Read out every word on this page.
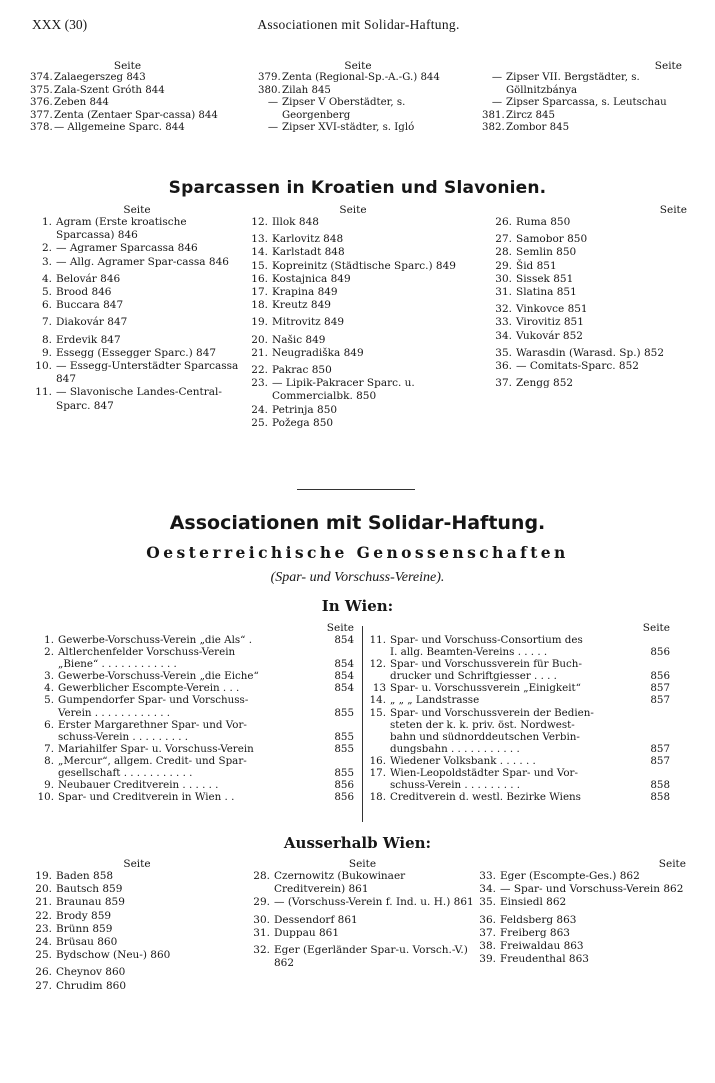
XXX (30)	Associationen mit Solidar-Haftung.
Seite
374. Zalaegerszeg 843
375. Zala-Szent Gróth 844
376. Zeben 844
377. Zenta (Zentaer Spar-cassa) 844
378. — Allgemeine Sparc. 844
Seite
379. Zenta (Regional-Sp.-A.-G.) 844
380. Zilah 845
— Zipser V Oberstädter, s. Georgenberg
— Zipser XVI-städter, s. Igló
Seite
— Zipser VII. Bergstädter, s. Göllnitzbánya
— Zipser Sparcassa, s. Leutschau
381. Zircz 845
382. Zombor 845
Sparcassen in Kroatien und Slavonien.
Seite
1. Agram (Erste kroatische Sparcassa) 846
2. — Agramer Sparcassa 846
3. — Allg. Agramer Spar-cassa 846
4. Belovár 846
5. Brood 846
6. Buccara 847
7. Diakovár 847
8. Erdevik 847
9. Essegg (Essegger Sparc.) 847
10. — Essegg-Unterstädter Sparcassa 847
11. — Slavonische Landes-Central-Sparc. 847
Seite
12. Illok 848
13. Karlovitz 848
14. Karlstadt 848
15. Kopreinitz (Städtische Sparc.) 849
16. Kostajnica 849
17. Krapina 849
18. Kreutz 849
19. Mitrovitz 849
20. Našic 849
21. Neugradiška 849
22. Pakrac 850
23. — Lipik-Pakracer Sparc. u. Commercialbk. 850
24. Petrinja 850
25. Požega 850
Seite
26. Ruma 850
27. Samobor 850
28. Semlin 850
29. Šid 851
30. Sissek 851
31. Slatina 851
32. Vinkovce 851
33. Virovitiz 851
34. Vukovár 852
35. Warasdin (Warasd. Sp.) 852
36. — Comitats-Sparc. 852
37. Zengg 852
Associationen mit Solidar-Haftung.
Oesterreichische Genossenschaften
(Spar- und Vorschuss-Vereine).
In Wien:
Seite
1. Gewerbe-Vorschuss-Verein „die Als“ .	854
2. Altlerchenfelder Vorschuss-Verein
„Biene“ . . . . . . . . . . . .	854
3. Gewerbe-Vorschuss-Verein „die Eiche“	854
4. Gewerblicher Escompte-Verein . . .	854
5. Gumpendorfer Spar- und Vorschuss-
Verein . . . . . . . . . . . .	855
6. Erster Margarethner Spar- und Vor-
schuss-Verein . . . . . . . . .	855
7. Mariahilfer Spar- u. Vorschuss-Verein	855
8. „Mercur“, allgem. Credit- und Spar-
gesellschaft . . . . . . . . . . .	855
9. Neubauer Creditverein . . . . . .	856
10. Spar- und Creditverein in Wien . .	856
Seite
11. Spar- und Vorschuss-Consortium des
I. allg. Beamten-Vereins . . . . .	856
12. Spar- und Vorschussverein für Buch-
drucker und Schriftgiesser . . . .	856
13 Spar- u. Vorschussverein „Einigkeit“	857
14. „ „ „ Landstrasse	857
15. Spar- und Vorschussverein der Bedien-
steten der k. k. priv. öst. Nordwest-
bahn und südnorddeutschen Verbin-
dungsbahn . . . . . . . . . . .	857
16. Wiedener Volksbank . . . . . .	857
17. Wien-Leopoldstädter Spar- und Vor-
schuss-Verein . . . . . . . . .	858
18. Creditverein d. westl. Bezirke Wiens	858
Ausserhalb Wien:
Seite
19. Baden 858
20. Bautsch 859
21. Braunau 859
22. Brody 859
23. Brünn 859
24. Brüsau 860
25. Bydschow (Neu-) 860
26. Cheynov 860
27. Chrudim 860
Seite
28. Czernowitz (Bukowinaer Creditverein) 861
29. — (Vorschuss-Verein f. Ind. u. H.) 861
30. Dessendorf 861
31. Duppau 861
32. Eger (Egerländer Spar-u. Vorsch.-V.) 862
Seite
33. Eger (Escompte-Ges.) 862
34. — Spar- und Vorschuss-Verein 862
35. Einsiedl 862
36. Feldsberg 863
37. Freiberg 863
38. Freiwaldau 863
39. Freudenthal 863
